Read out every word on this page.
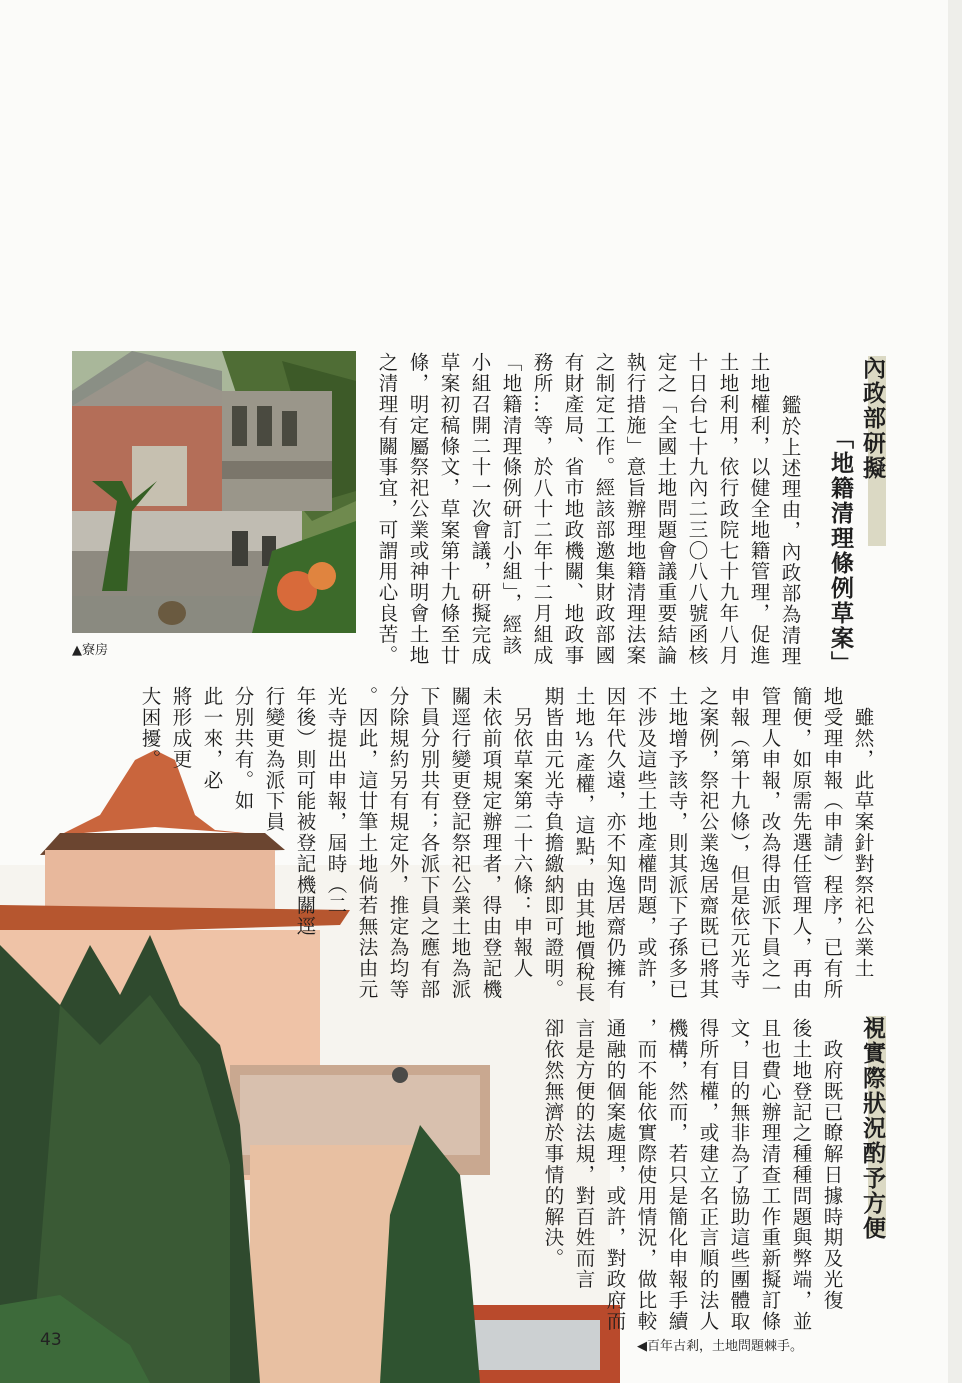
▲寮房
43	◀百年古剎，土地問題棘手。
內政部研擬
「地籍清理條例草案」
　鑑於上述理由，內政部為清理
土地權利，以健全地籍管理，促進
土地利用，依行政院七十九年八月
十日台七十九內二三〇八八號函核
定之「全國土地問題會議重要結論
執行措施」意旨辦理地籍清理法案
之制定工作。經該部邀集財政部國
有財產局、省市地政機關、地政事
務所…等，於八十二年十二月組成
「地籍清理條例研訂小組」，經該
小組召開二十一次會議，研擬完成
草案初稿條文，草案第十九條至廿
條，明定屬祭祀公業或神明會土地
之清理有關事宜，可謂用心良苦。
　雖然，此草案針對祭祀公業土
地受理申報（申請）程序，已有所
簡便，如原需先選任管理人，再由
管理人申報，改為得由派下員之一
申報（第十九條），但是依元光寺
之案例，祭祀公業逸居齋既已將其
土地增予該寺，則其派下子孫多已
不涉及這些土地產權問題，或許，
因年代久遠，亦不知逸居齋仍擁有
土地⅓產權，這點，由其地價稅長
期皆由元光寺負擔繳納即可證明。
　另依草案第二十六條：申報人
未依前項規定辦理者，得由登記機
關逕行變更登記祭祀公業土地為派
下員分別共有；各派下員之應有部
分除規約另有規定外，推定為均等
。因此，這廿筆土地倘若無法由元
光寺提出申報，屆時（二
年後）則可能被登記機關逕
行變更為派下員
分別共有。如
此一來，必
將形成更
大困擾。
視實際狀況酌予方便
　政府既已瞭解日據時期及光復
後土地登記之種種問題與弊端，並
且也費心辦理清查工作重新擬訂條
文，目的無非為了協助這些團體取
得所有權，或建立名正言順的法人
機構，然而，若只是簡化申報手續
，而不能依實際使用情況，做比較
通融的個案處理，或許，對政府而
言是方便的法規，對百姓而言
卻依然無濟於事情的解決。
